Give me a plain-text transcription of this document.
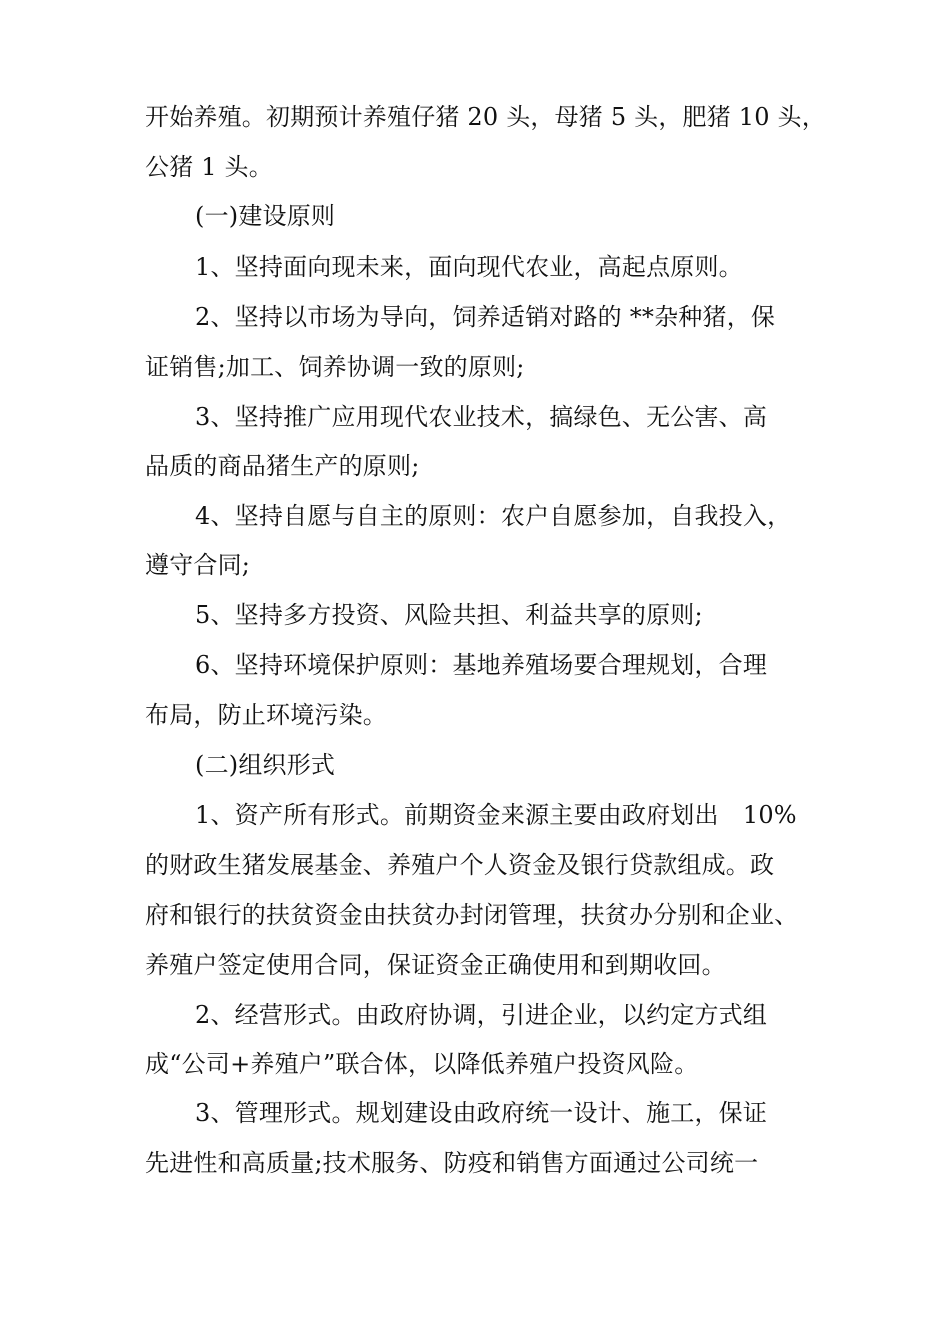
开始养殖。初期预计养殖仔猪 20 头，母猪 5 头，肥猪 10 头，
公猪 1 头。
(一)建设原则
1、坚持面向现未来，面向现代农业，高起点原则。
2、坚持以市场为导向，饲养适销对路的 **杂种猪，保
证销售;加工、饲养协调一致的原则;
3、坚持推广应用现代农业技术，搞绿色、无公害、高
品质的商品猪生产的原则;
4、坚持自愿与自主的原则：农户自愿参加，自我投入，
遵守合同;
5、坚持多方投资、风险共担、利益共享的原则;
6、坚持环境保护原则：基地养殖场要合理规划，合理
布局，防止环境污染。
(二)组织形式
1、资产所有形式。前期资金来源主要由政府划出　10%
的财政生猪发展基金、养殖户个人资金及银行贷款组成。政
府和银行的扶贫资金由扶贫办封闭管理，扶贫办分别和企业、
养殖户签定使用合同，保证资金正确使用和到期收回。
2、经营形式。由政府协调，引进企业，以约定方式组
成“公司+养殖户”联合体，以降低养殖户投资风险。
3、管理形式。规划建设由政府统一设计、施工，保证
先进性和高质量;技术服务、防疫和销售方面通过公司统一
